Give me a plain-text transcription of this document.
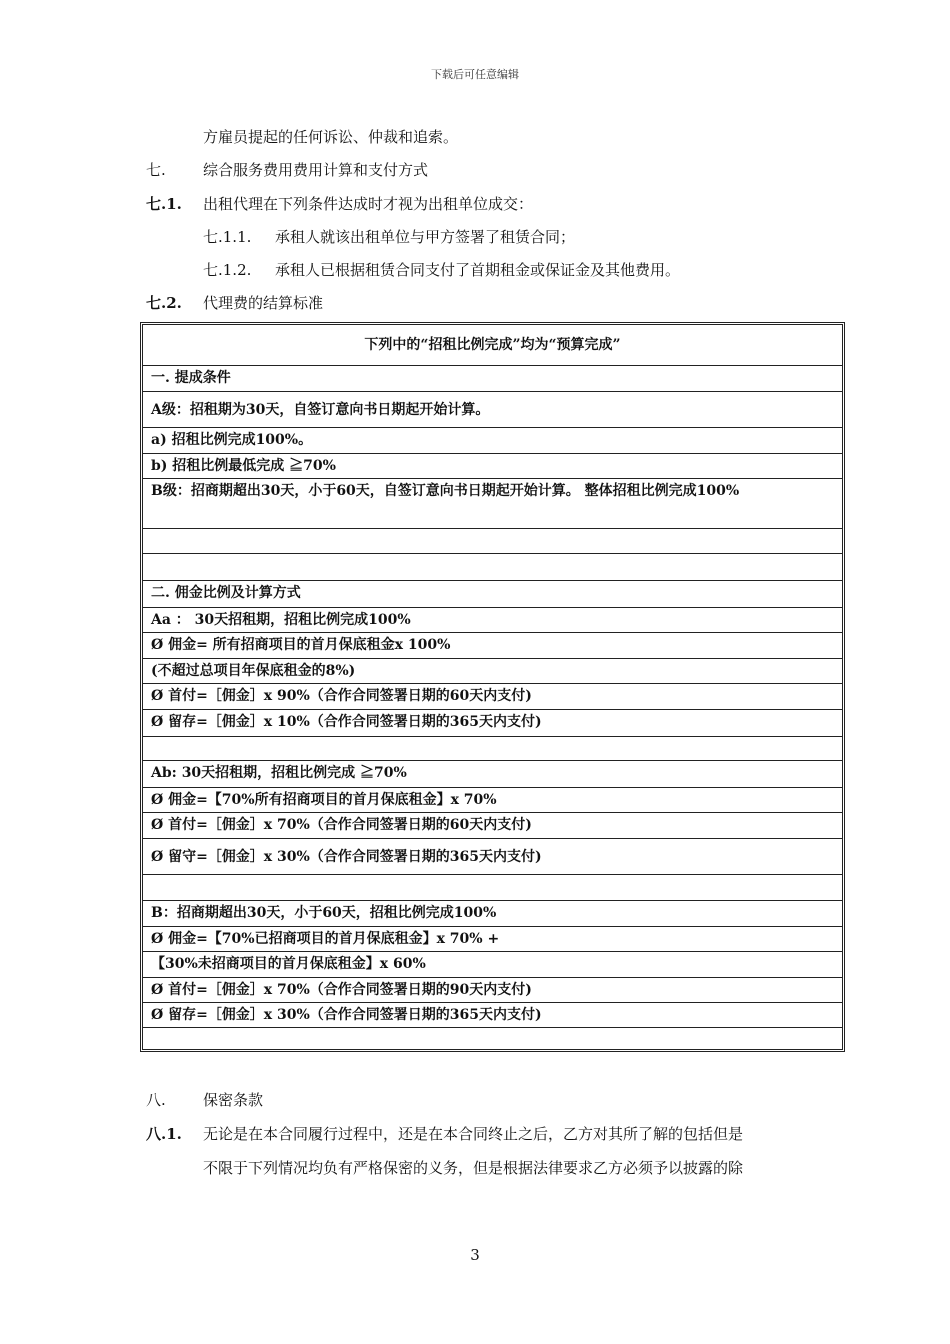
下载后可任意编辑
方雇员提起的任何诉讼、仲裁和追索。
七. 综合服务费用费用计算和支付方式
七.1. 出租代理在下列条件达成时才视为出租单位成交：
七.1.1. 承租人就该出租单位与甲方签署了租赁合同；
七.1.2. 承租人已根据租赁合同支付了首期租金或保证金及其他费用。
七.2. 代理费的结算标准
下列中的“招租比例完成”均为“预算完成”
一. 提成条件
A级：招租期为30天，自签订意向书日期起开始计算。
a) 招租比例完成100%。
b) 招租比例最低完成 ≧70%
B级：招商期超出30天，小于60天，自签订意向书日期起开始计算。 整体招租比例完成100%
二. 佣金比例及计算方式
Aa ： 30天招租期，招租比例完成100%
Ø 佣金= 所有招商项目的首月保底租金x 100%
(不超过总项目年保底租金的8%)
Ø 首付=［佣金］x 90%（合作合同签署日期的60天内支付)
Ø 留存=［佣金］x 10%（合作合同签署日期的365天内支付)
Ab: 30天招租期，招租比例完成 ≧70%
Ø 佣金=【70%所有招商项目的首月保底租金】x 70%
Ø 首付=［佣金］x 70%（合作合同签署日期的60天内支付)
Ø 留守=［佣金］x 30%（合作合同签署日期的365天内支付)
B：招商期超出30天，小于60天，招租比例完成100%
Ø 佣金=【70%已招商项目的首月保底租金】x 70% +
【30%未招商项目的首月保底租金】x 60%
Ø 首付=［佣金］x 70%（合作合同签署日期的90天内支付)
Ø 留存=［佣金］x 30%（合作合同签署日期的365天内支付)
八. 保密条款
八.1. 无论是在本合同履行过程中，还是在本合同终止之后，乙方对其所了解的包括但是
不限于下列情况均负有严格保密的义务，但是根据法律要求乙方必须予以披露的除
3
